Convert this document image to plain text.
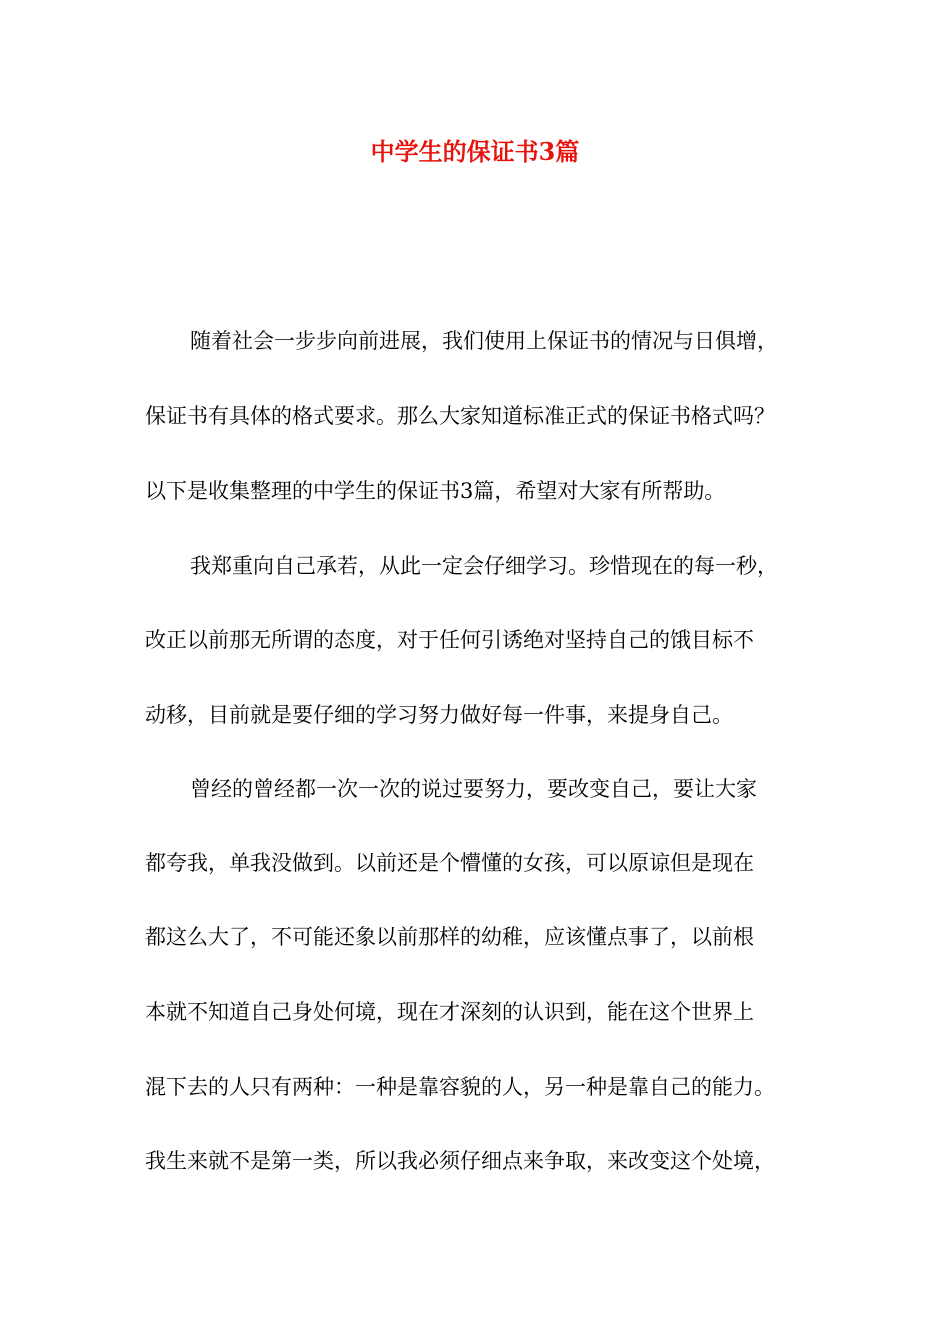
中学生的保证书3篇
随着社会一步步向前进展，我们使用上保证书的情况与日俱增，
保证书有具体的格式要求。那么大家知道标准正式的保证书格式吗？
以下是收集整理的中学生的保证书3篇，希望对大家有所帮助。
我郑重向自己承若，从此一定会仔细学习。珍惜现在的每一秒，
改正以前那无所谓的态度，对于任何引诱绝对坚持自己的饿目标不
动移，目前就是要仔细的学习努力做好每一件事，来提身自己。
曾经的曾经都一次一次的说过要努力，要改变自己，要让大家
都夸我，单我没做到。以前还是个懵懂的女孩，可以原谅但是现在
都这么大了，不可能还象以前那样的幼稚，应该懂点事了，以前根
本就不知道自己身处何境，现在才深刻的认识到，能在这个世界上
混下去的人只有两种：一种是靠容貌的人，另一种是靠自己的能力。
我生来就不是第一类，所以我必须仔细点来争取，来改变这个处境，
